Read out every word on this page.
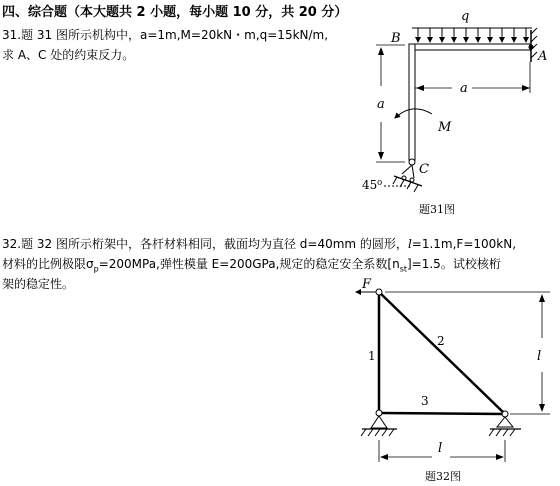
四、综合题（本大题共 2 小题，每小题 10 分，共 20 分）
31.题 31 图所示机构中，a=1m,M=20kN・m,q=15kN/m,
求 A、C 处的约束反力。
32.题 32 图所示桁架中，各杆材料相同，截面均为直径 d=40mm 的圆形，l=1.1m,F=100kN,
材料的比例极限$\sigma_p=200MPa$,弹性模量 E=200GPa,规定的稳定安全系数$[n_{st}]=1.5$。试校核桁
架的稳定性。
q
A
B
C
45⁰
a
a
M
题31图
F
1
2
3
l
l
题32图
